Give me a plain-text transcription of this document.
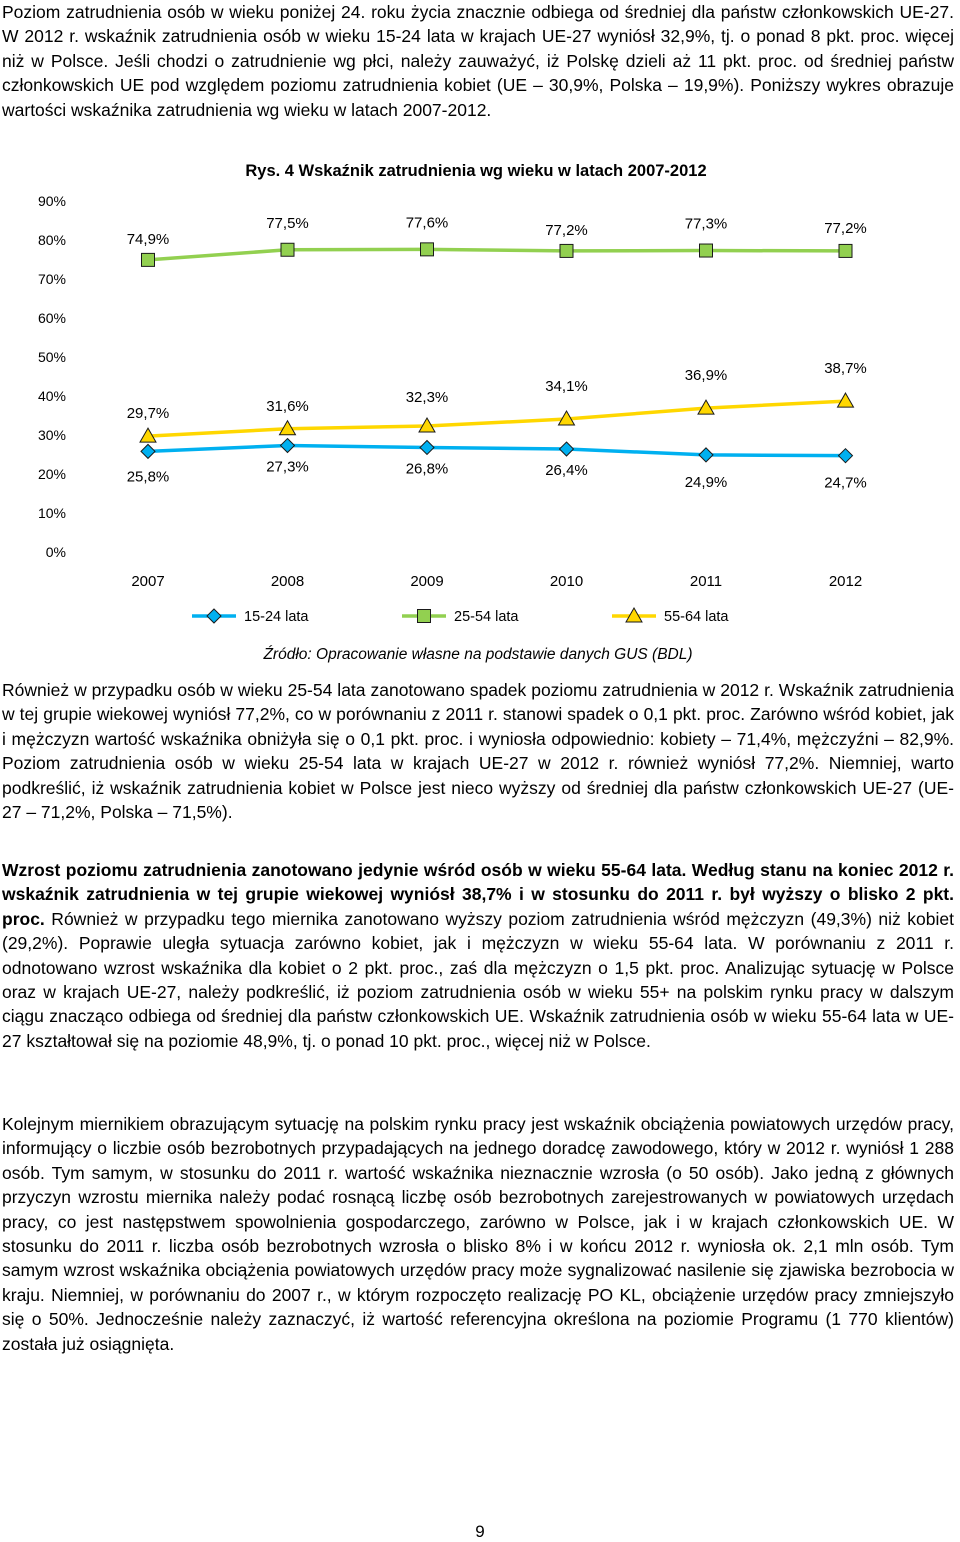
Poziom zatrudnienia osób w wieku poniżej 24. roku życia znacznie odbiega od średniej dla państw członkowskich UE-27. W 2012 r. wskaźnik zatrudnienia osób w wieku 15-24 lata w krajach UE-27 wyniósł 32,9%, tj. o ponad 8 pkt. proc. więcej niż w Polsce. Jeśli chodzi o zatrudnienie wg płci, należy zauważyć, iż Polskę dzieli aż 11 pkt. proc. od średniej państw członkowskich UE pod względem poziomu zatrudnienia kobiet (UE – 30,9%, Polska – 19,9%). Poniższy wykres obrazuje wartości wskaźnika zatrudnienia wg wieku w latach 2007-2012.

Rys. 4 Wskaźnik zatrudnienia wg wieku w latach 2007-2012
0%
10%
20%
30%
40%
50%
60%
70%
80%
90%
2007	2008	2009	2010	2011	2012
25,8%
27,3%	26,8%	26,4%
24,9%	24,7%
74,9%
77,5%	77,6%	77,2%	77,3%	77,2%
29,7%	31,6%
32,3%
34,1%
36,9%	38,7%
15-24 lata	25-54 lata	55-64 lata
Źródło: Opracowanie własne na podstawie danych GUS (BDL)

Również w przypadku osób w wieku 25-54 lata zanotowano spadek poziomu zatrudnienia w 2012 r. Wskaźnik zatrudnienia w tej grupie wiekowej wyniósł 77,2%, co w porównaniu z 2011 r. stanowi spadek o 0,1 pkt. proc. Zarówno wśród kobiet, jak i mężczyzn wartość wskaźnika obniżyła się o 0,1 pkt. proc. i wyniosła odpowiednio: kobiety – 71,4%, mężczyźni – 82,9%. Poziom zatrudnienia osób w wieku 25-54 lata w krajach UE-27 w 2012 r. również wyniósł 77,2%. Niemniej, warto podkreślić, iż wskaźnik zatrudnienia kobiet w Polsce jest nieco wyższy od średniej dla państw członkowskich UE-27 (UE-27 – 71,2%, Polska – 71,5%).

Wzrost poziomu zatrudnienia zanotowano jedynie wśród osób w wieku 55-64 lata. Według stanu na koniec 2012 r. wskaźnik zatrudnienia w tej grupie wiekowej wyniósł 38,7% i w stosunku do 2011 r. był wyższy o blisko 2 pkt. proc. Również w przypadku tego miernika zanotowano wyższy poziom zatrudnienia wśród mężczyzn (49,3%) niż kobiet (29,2%). Poprawie uległa sytuacja zarówno kobiet, jak i mężczyzn w wieku 55-64 lata. W porównaniu z 2011 r. odnotowano wzrost wskaźnika dla kobiet o 2 pkt. proc., zaś dla mężczyzn o 1,5 pkt. proc. Analizując sytuację w Polsce oraz w krajach UE-27, należy podkreślić, iż poziom zatrudnienia osób w wieku 55+ na polskim rynku pracy w dalszym ciągu znacząco odbiega od średniej dla państw członkowskich UE. Wskaźnik zatrudnienia osób w wieku 55-64 lata w UE-27 kształtował się na poziomie 48,9%, tj. o ponad 10 pkt. proc., więcej niż w Polsce.

Kolejnym miernikiem obrazującym sytuację na polskim rynku pracy jest wskaźnik obciążenia powiatowych urzędów pracy, informujący o liczbie osób bezrobotnych przypadających na jednego doradcę zawodowego, który w 2012 r. wyniósł 1 288 osób. Tym samym, w stosunku do 2011 r. wartość wskaźnika nieznacznie wzrosła (o 50 osób). Jako jedną z głównych przyczyn wzrostu miernika należy podać rosnącą liczbę osób bezrobotnych zarejestrowanych w powiatowych urzędach pracy, co jest następstwem spowolnienia gospodarczego, zarówno w Polsce, jak i w krajach członkowskich UE. W stosunku do 2011 r. liczba osób bezrobotnych wzrosła o blisko 8% i w końcu 2012 r. wyniosła ok. 2,1 mln osób. Tym samym wzrost wskaźnika obciążenia powiatowych urzędów pracy może sygnalizować nasilenie się zjawiska bezrobocia w kraju. Niemniej, w porównaniu do 2007 r., w którym rozpoczęto realizację PO KL, obciążenie urzędów pracy zmniejszyło się o 50%. Jednocześnie należy zaznaczyć, iż wartość referencyjna określona na poziomie Programu (1 770 klientów) została już osiągnięta.

9
